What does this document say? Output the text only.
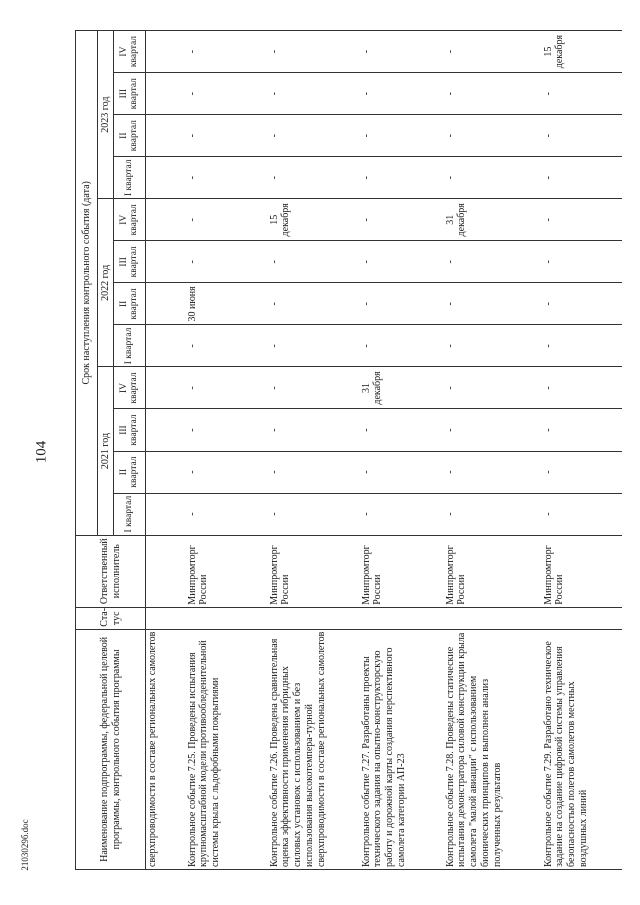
104
2103029б.doc	Наименование подпрограммы, федеральной целевой программы, контрольного события программы	Ста-тус	Ответственный исполнитель	Срок наступления контрольного события (дата)											
			2021 год				2022 год				2023 год			
			I квартал	II квартал	III квартал	IV квартал	I квартал	II квартал	III квартал	IV квартал	I квартал	II квартал	III квартал	IV квартал
сверхпроводимости в составе региональных самолетов														
Контрольное событие 7.25. Проведены испытания крупномасштабной модели противообледенительной системы крыла с льдофобными покрытиями		Минпромторг России	-	-	-	-	-	30 июня	-	-	-	-	-	-
Контрольное событие 7.26. Проведена сравнительная оценка эффективности применения гибридных силовых установок с использованием и без использования высокотемпера-турной сверхпроводимости в составе региональных самолетов		Минпромторг России	-	-	-	-	-	-	-	15 декабря	-	-	-	-
Контрольное событие 7.27. Разработаны проекты технического задания на опытно-конструкторскую работу и дорожной карты создания перспективного самолета категории АП-23		Минпромторг России	-	-	-	31 декабря	-	-	-	-	-	-	-	-
Контрольное событие 7.28. Проведены статические испытания демонстратора силовой конструкции крыла самолета "малой авиации" с использованием бионических принципов и выполнен анализ полученных результатов		Минпромторг России	-	-	-	-	-	-	-	31 декабря	-	-	-	-
Контрольное событие 7.29. Разработано техническое задание на создание цифровой системы управления безопасностью полетов самолетов местных воздушных линий		Минпромторг России	-	-	-	-	-	-	-	-	-	-	-	15 декабря
